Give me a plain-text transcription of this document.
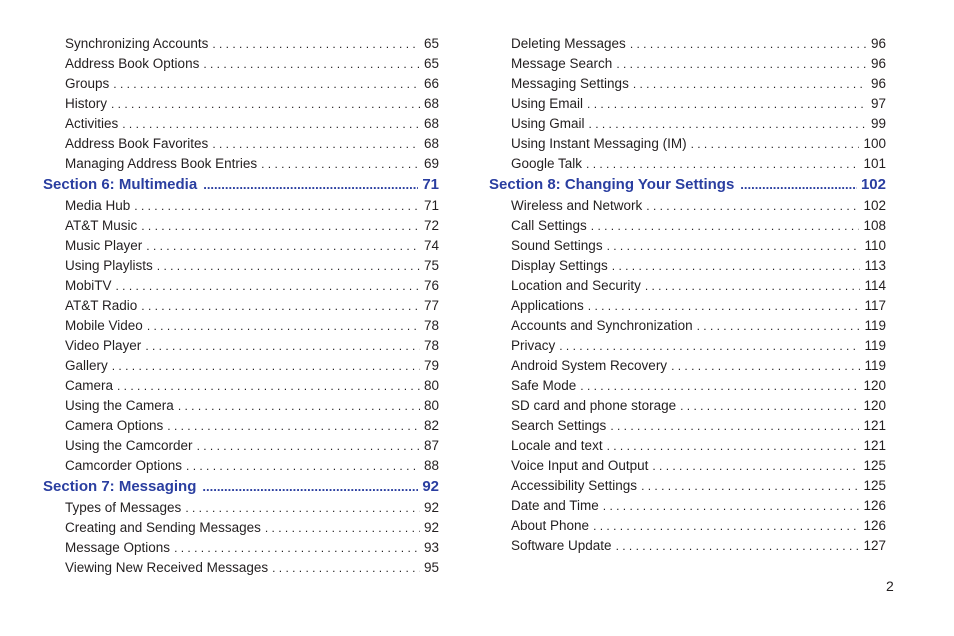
Synchronizing Accounts . . .	65
Address Book Options . . .	65
Groups . . .	66
History . . .	68
Activities . . .	68
Address Book Favorites . . .	68
Managing Address Book Entries . . .	69
Section 6: Multimedia .....	71
Media Hub . . .	71
AT&T Music . . .	72
Music Player . . .	74
Using Playlists . . .	75
MobiTV . . .	76
AT&T Radio . . .	77
Mobile Video . . .	78
Video Player . . .	78
Gallery . . .	79
Camera . . .	80
Using the Camera . . .	80
Camera Options . . .	82
Using the Camcorder . . .	87
Camcorder Options . . .	88
Section 7: Messaging .....	92
Types of Messages . . .	92
Creating and Sending Messages . . .	92
Message Options . . .	93
Viewing New Received Messages . . .	95
Deleting Messages . . .	96
Message Search . . .	96
Messaging Settings . . .	96
Using Email . . .	97
Using Gmail . . .	99
Using Instant Messaging (IM) . . .	100
Google Talk . . .	101
Section 8: Changing Your Settings .....	102
Wireless and Network . . .	102
Call Settings . . .	108
Sound Settings . . .	110
Display Settings . . .	113
Location and Security . . .	114
Applications . . .	117
Accounts and Synchronization . . .	119
Privacy . . .	119
Android System Recovery . . .	119
Safe Mode . . .	120
SD card and phone storage . . .	120
Search Settings . . .	121
Locale and text . . .	121
Voice Input and Output . . .	125
Accessibility Settings . . .	125
Date and Time . . .	126
About Phone . . .	126
Software Update . . .	127
2
